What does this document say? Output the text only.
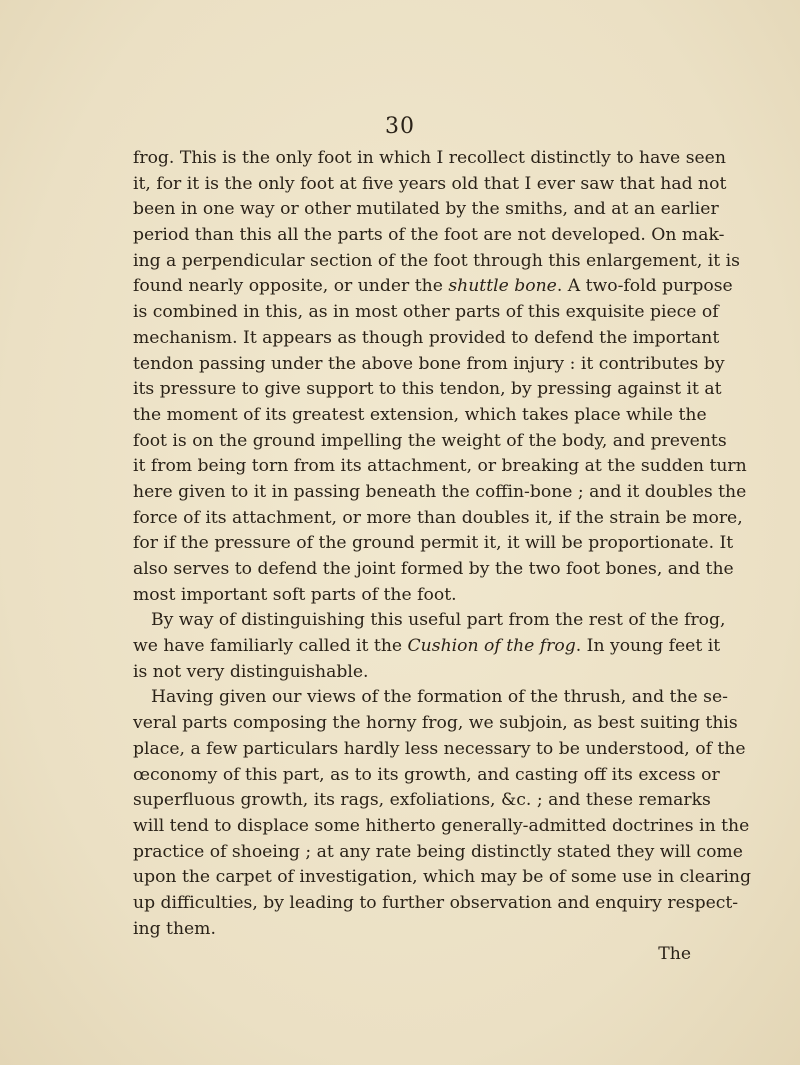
30
frog. This is the only foot in which I recollect distinctly to have seen
it, for it is the only foot at five years old that I ever saw that had not
been in one way or other mutilated by the smiths, and at an earlier
period than this all the parts of the foot are not developed. On mak-
ing a perpendicular section of the foot through this enlargement, it is
found nearly opposite, or under the shuttle bone. A two-fold purpose
is combined in this, as in most other parts of this exquisite piece of
mechanism. It appears as though provided to defend the important
tendon passing under the above bone from injury : it contributes by
its pressure to give support to this tendon, by pressing against it at
the moment of its greatest extension, which takes place while the
foot is on the ground impelling the weight of the body, and prevents
it from being torn from its attachment, or breaking at the sudden turn
here given to it in passing beneath the coffin-bone ; and it doubles the
force of its attachment, or more than doubles it, if the strain be more,
for if the pressure of the ground permit it, it will be proportionate. It
also serves to defend the joint formed by the two foot bones, and the
most important soft parts of the foot.
By way of distinguishing this useful part from the rest of the frog,
we have familiarly called it the Cushion of the frog. In young feet it
is not very distinguishable.
Having given our views of the formation of the thrush, and the se-
veral parts composing the horny frog, we subjoin, as best suiting this
place, a few particulars hardly less necessary to be understood, of the
œconomy of this part, as to its growth, and casting off its excess or
superfluous growth, its rags, exfoliations, &c. ; and these remarks
will tend to displace some hitherto generally-admitted doctrines in the
practice of shoeing ; at any rate being distinctly stated they will come
upon the carpet of investigation, which may be of some use in clearing
up difficulties, by leading to further observation and enquiry respect-
ing them.
The
